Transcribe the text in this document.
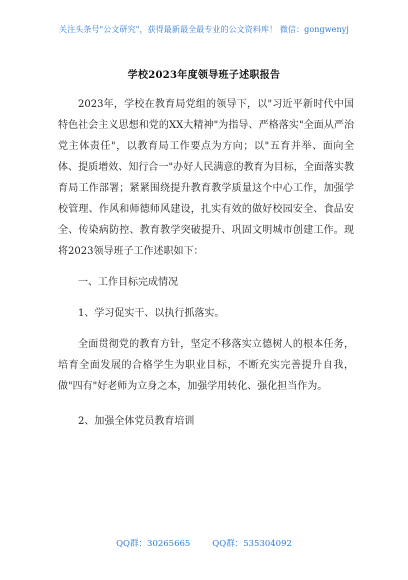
关注头条号"公文研究"，获得最新最全最专业的公文资料库！ 微信：gongwenyj
学校2023年度领导班子述职报告

2023年，学校在教育局党组的领导下，以"习近平新时代中国特色社会主义思想和党的XX大精神"为指导、严格落实"全面从严治党主体责任"，以教育局工作要点为方向；以"五育并举、面向全体、提质增效、知行合一"办好人民满意的教育为目标，全面落实教育局工作部署；紧紧围绕提升教育教学质量这个中心工作，加强学校管理、作风和师德师风建设，扎实有效的做好校园安全、食品安全、传染病防控、教育教学突破提升、巩固文明城市创建工作。现将2023领导班子工作述职如下：

一、工作目标完成情况

1、学习促实干、以执行抓落实。

全面贯彻党的教育方针，坚定不移落实立德树人的根本任务，培育全面发展的合格学生为职业目标，不断充实完善提升自我，做"四有"好老师为立身之本，加强学用转化、强化担当作为。

2、加强全体党员教育培训

QQ群：30265665	QQ群：535304092
